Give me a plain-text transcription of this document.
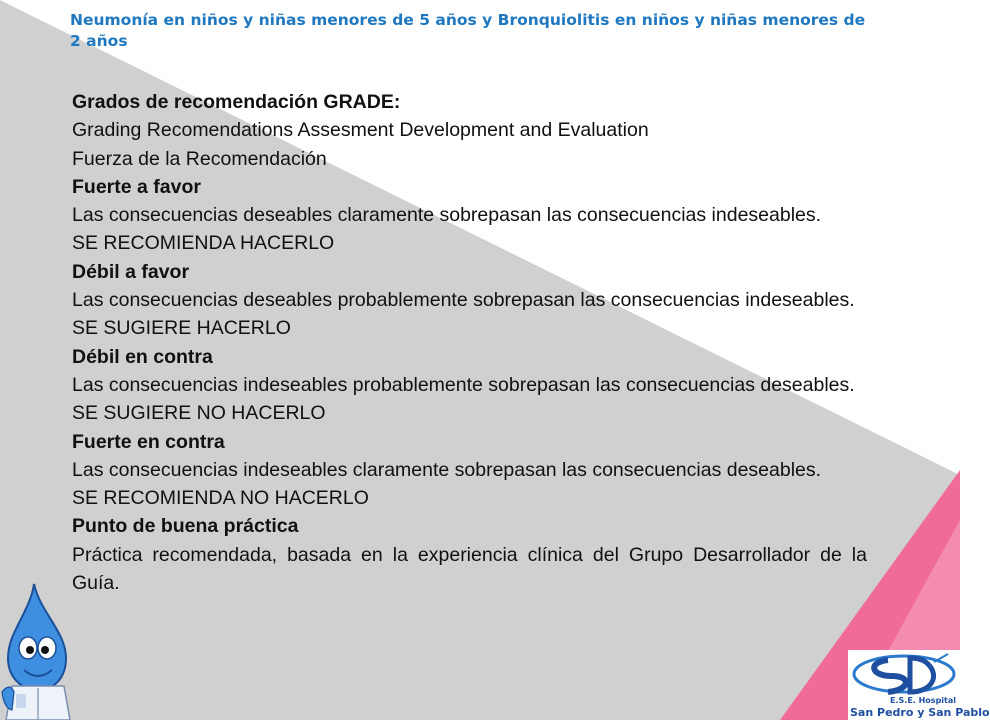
Neumonía en niños y niñas menores de 5 años y Bronquiolitis en niños y niñas menores de 2 años

Grados de recomendación GRADE:

Grading Recomendations Assesment Development and Evaluation

Fuerza de la Recomendación

Fuerte a favor

Las consecuencias deseables claramente sobrepasan las consecuencias indeseables.

SE RECOMIENDA HACERLO

Débil a favor

Las consecuencias deseables probablemente sobrepasan las consecuencias indeseables.

SE SUGIERE HACERLO

Débil en contra

Las consecuencias indeseables probablemente sobrepasan las consecuencias deseables.

SE SUGIERE NO HACERLO

Fuerte en contra

Las consecuencias indeseables claramente sobrepasan las consecuencias deseables.

SE RECOMIENDA NO HACERLO

Punto de buena práctica

Práctica recomendada, basada en la experiencia clínica del Grupo Desarrollador de la Guía.

E.S.E. Hospital
San Pedro y San Pablo
